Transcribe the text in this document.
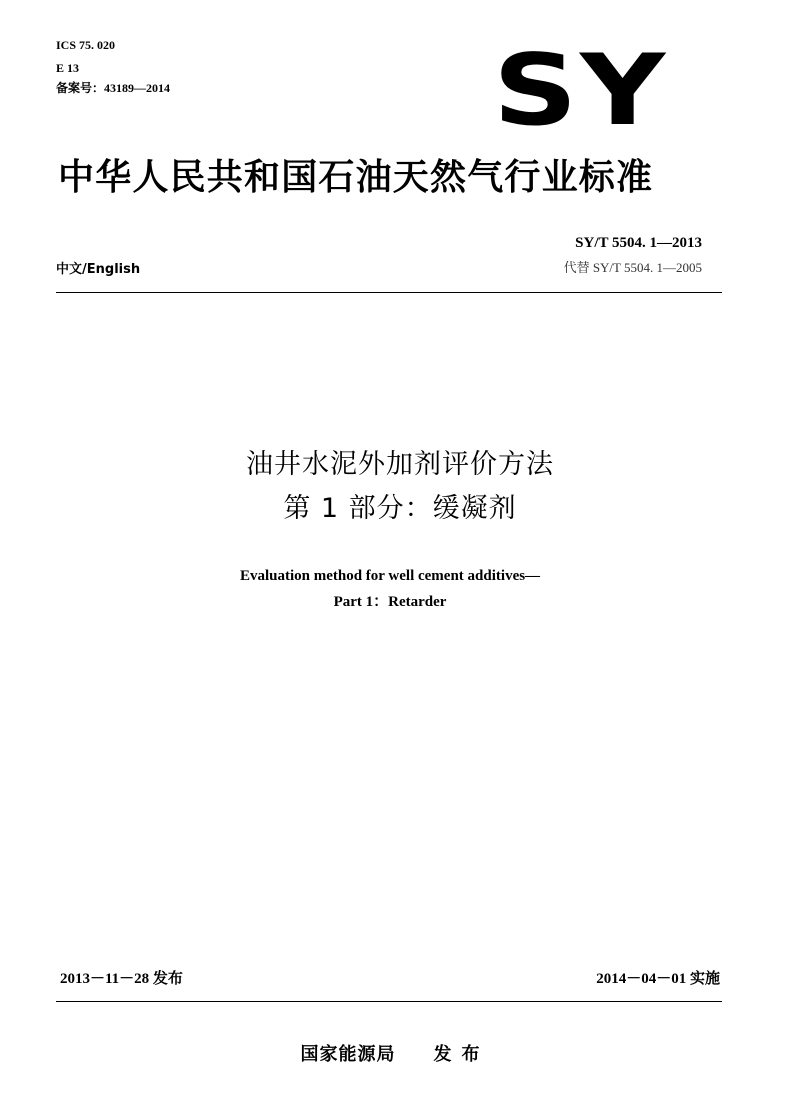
ICS 75. 020
E 13
备案号：43189—2014	SY
中华人民共和国石油天然气行业标准
SY/T 5504. 1—2013
中文/English	代替 SY/T 5504. 1—2005
油井水泥外加剂评价方法
第 1 部分：缓凝剂
Evaluation method for well cement additives—
Part 1：Retarder
2013－11－28 发布	2014－04－01 实施
国家能源局 发布
